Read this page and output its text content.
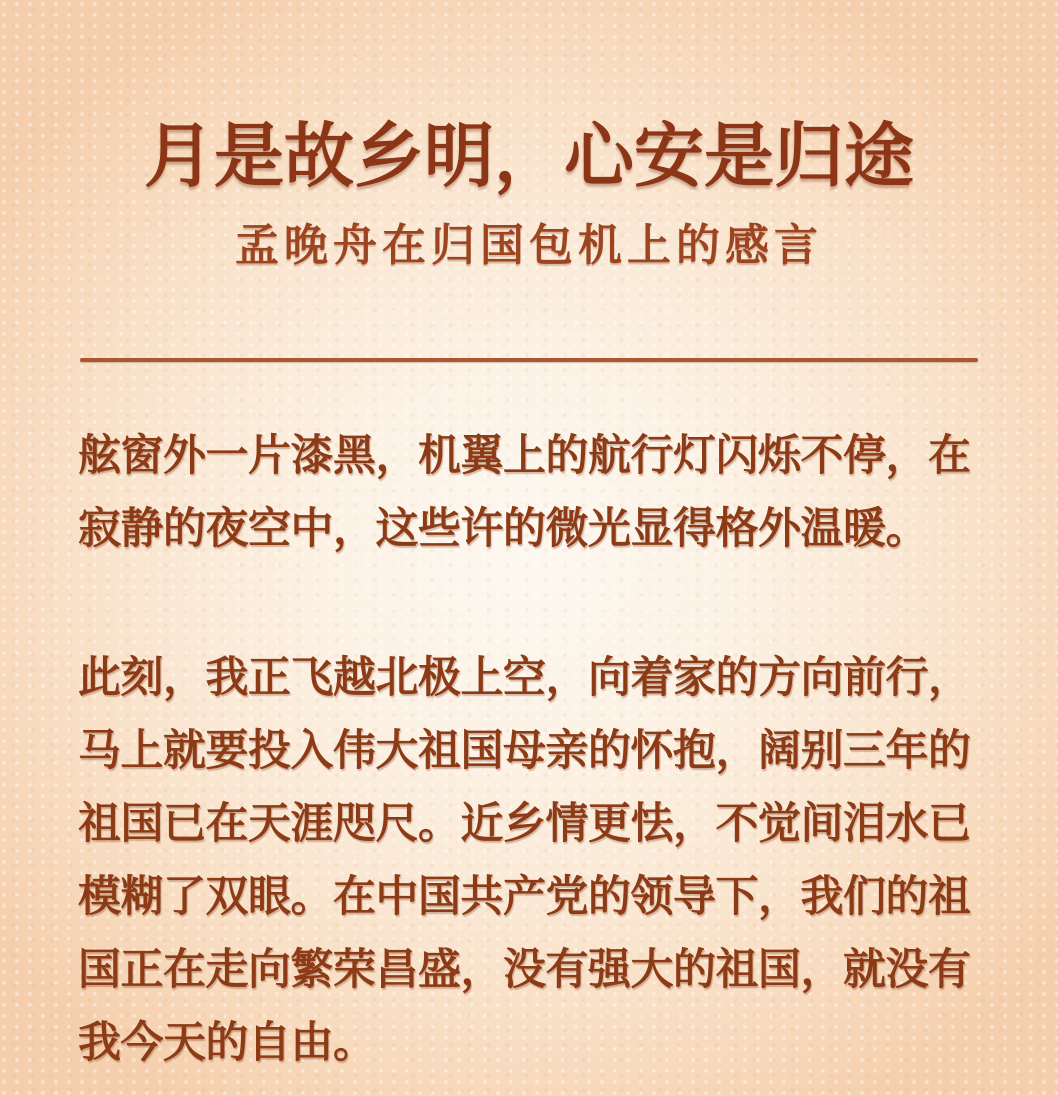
月是故乡明，心安是归途
孟晚舟在归国包机上的感言
舷窗外一片漆黑，机翼上的航行灯闪烁不停，在
寂静的夜空中，这些许的微光显得格外温暖。
此刻，我正飞越北极上空，向着家的方向前行，
马上就要投入伟大祖国母亲的怀抱，阔别三年的
祖国已在天涯咫尺。近乡情更怯，不觉间泪水已
模糊了双眼。在中国共产党的领导下，我们的祖
国正在走向繁荣昌盛，没有强大的祖国，就没有
我今天的自由。
